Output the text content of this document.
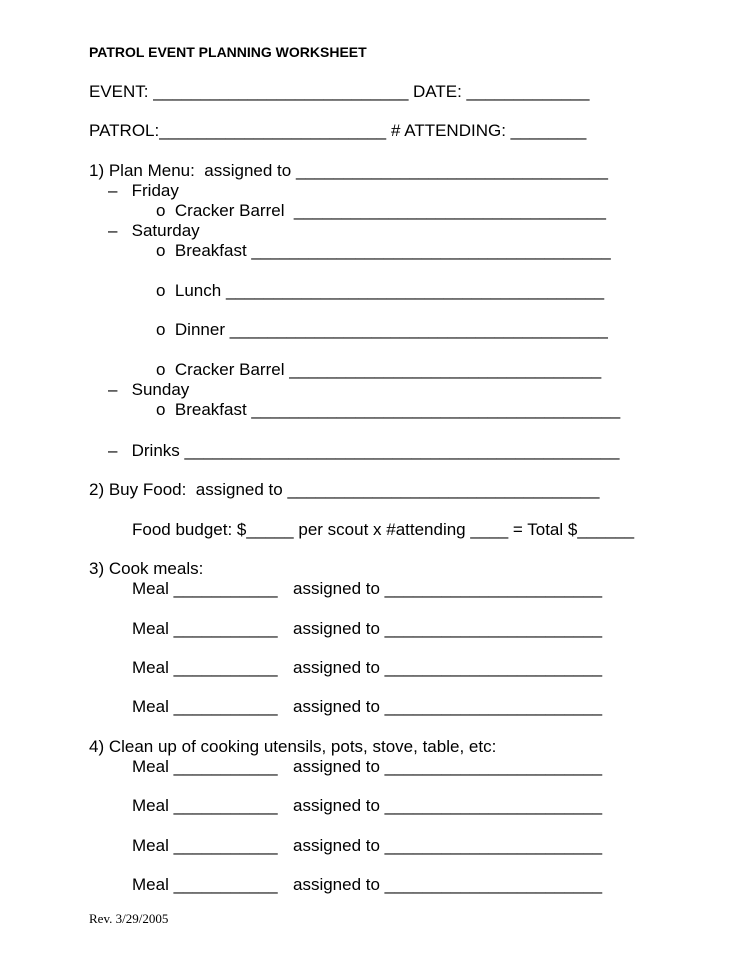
PATROL EVENT PLANNING WORKSHEET
EVENT: ___________________________ DATE: _____________
PATROL:________________________ # ATTENDING: ________
1) Plan Menu:  assigned to _________________________________
–   Friday
o  Cracker Barrel  _________________________________
–   Saturday
o  Breakfast ______________________________________
o  Lunch ________________________________________
o  Dinner ________________________________________
o  Cracker Barrel _________________________________
–   Sunday
o  Breakfast _______________________________________
–   Drinks ______________________________________________
2) Buy Food:  assigned to _________________________________
Food budget: $_____ per scout x #attending ____ = Total $______
3) Cook meals:
Meal ___________ assigned to _______________________
Meal ___________ assigned to _______________________
Meal ___________ assigned to _______________________
Meal ___________ assigned to _______________________
4) Clean up of cooking utensils, pots, stove, table, etc:
Meal ___________ assigned to _______________________
Meal ___________ assigned to _______________________
Meal ___________ assigned to _______________________
Meal ___________ assigned to _______________________
Rev. 3/29/2005
